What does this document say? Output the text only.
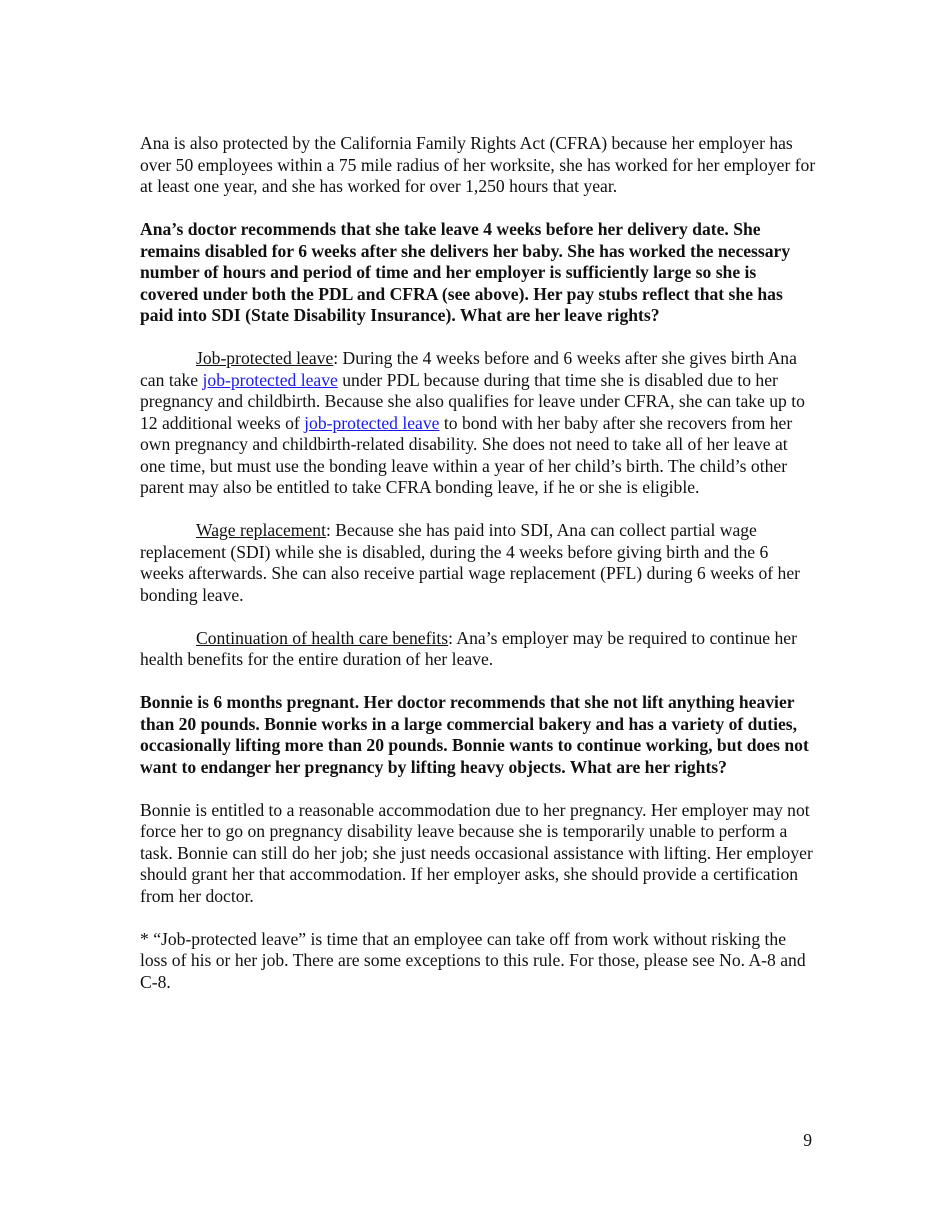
Ana is also protected by the California Family Rights Act (CFRA) because her employer has over 50 employees within a 75 mile radius of her worksite, she has worked for her employer for at least one year, and she has worked for over 1,250 hours that year.

Ana’s doctor recommends that she take leave 4 weeks before her delivery date. She remains disabled for 6 weeks after she delivers her baby. She has worked the necessary number of hours and period of time and her employer is sufficiently large so she is covered under both the PDL and CFRA (see above). Her pay stubs reflect that she has paid into SDI (State Disability Insurance). What are her leave rights?

Job-protected leave: During the 4 weeks before and 6 weeks after she gives birth Ana can take job-protected leave under PDL because during that time she is disabled due to her pregnancy and childbirth. Because she also qualifies for leave under CFRA, she can take up to 12 additional weeks of job-protected leave to bond with her baby after she recovers from her own pregnancy and childbirth-related disability. She does not need to take all of her leave at one time, but must use the bonding leave within a year of her child’s birth. The child’s other parent may also be entitled to take CFRA bonding leave, if he or she is eligible.

Wage replacement: Because she has paid into SDI, Ana can collect partial wage replacement (SDI) while she is disabled, during the 4 weeks before giving birth and the 6 weeks afterwards. She can also receive partial wage replacement (PFL) during 6 weeks of her bonding leave.

Continuation of health care benefits: Ana’s employer may be required to continue her health benefits for the entire duration of her leave.

Bonnie is 6 months pregnant. Her doctor recommends that she not lift anything heavier than 20 pounds. Bonnie works in a large commercial bakery and has a variety of duties, occasionally lifting more than 20 pounds. Bonnie wants to continue working, but does not want to endanger her pregnancy by lifting heavy objects. What are her rights?

Bonnie is entitled to a reasonable accommodation due to her pregnancy. Her employer may not force her to go on pregnancy disability leave because she is temporarily unable to perform a task. Bonnie can still do her job; she just needs occasional assistance with lifting. Her employer should grant her that accommodation. If her employer asks, she should provide a certification from her doctor.

* “Job-protected leave” is time that an employee can take off from work without risking the loss of his or her job. There are some exceptions to this rule. For those, please see No. A-8 and C-8.

9
